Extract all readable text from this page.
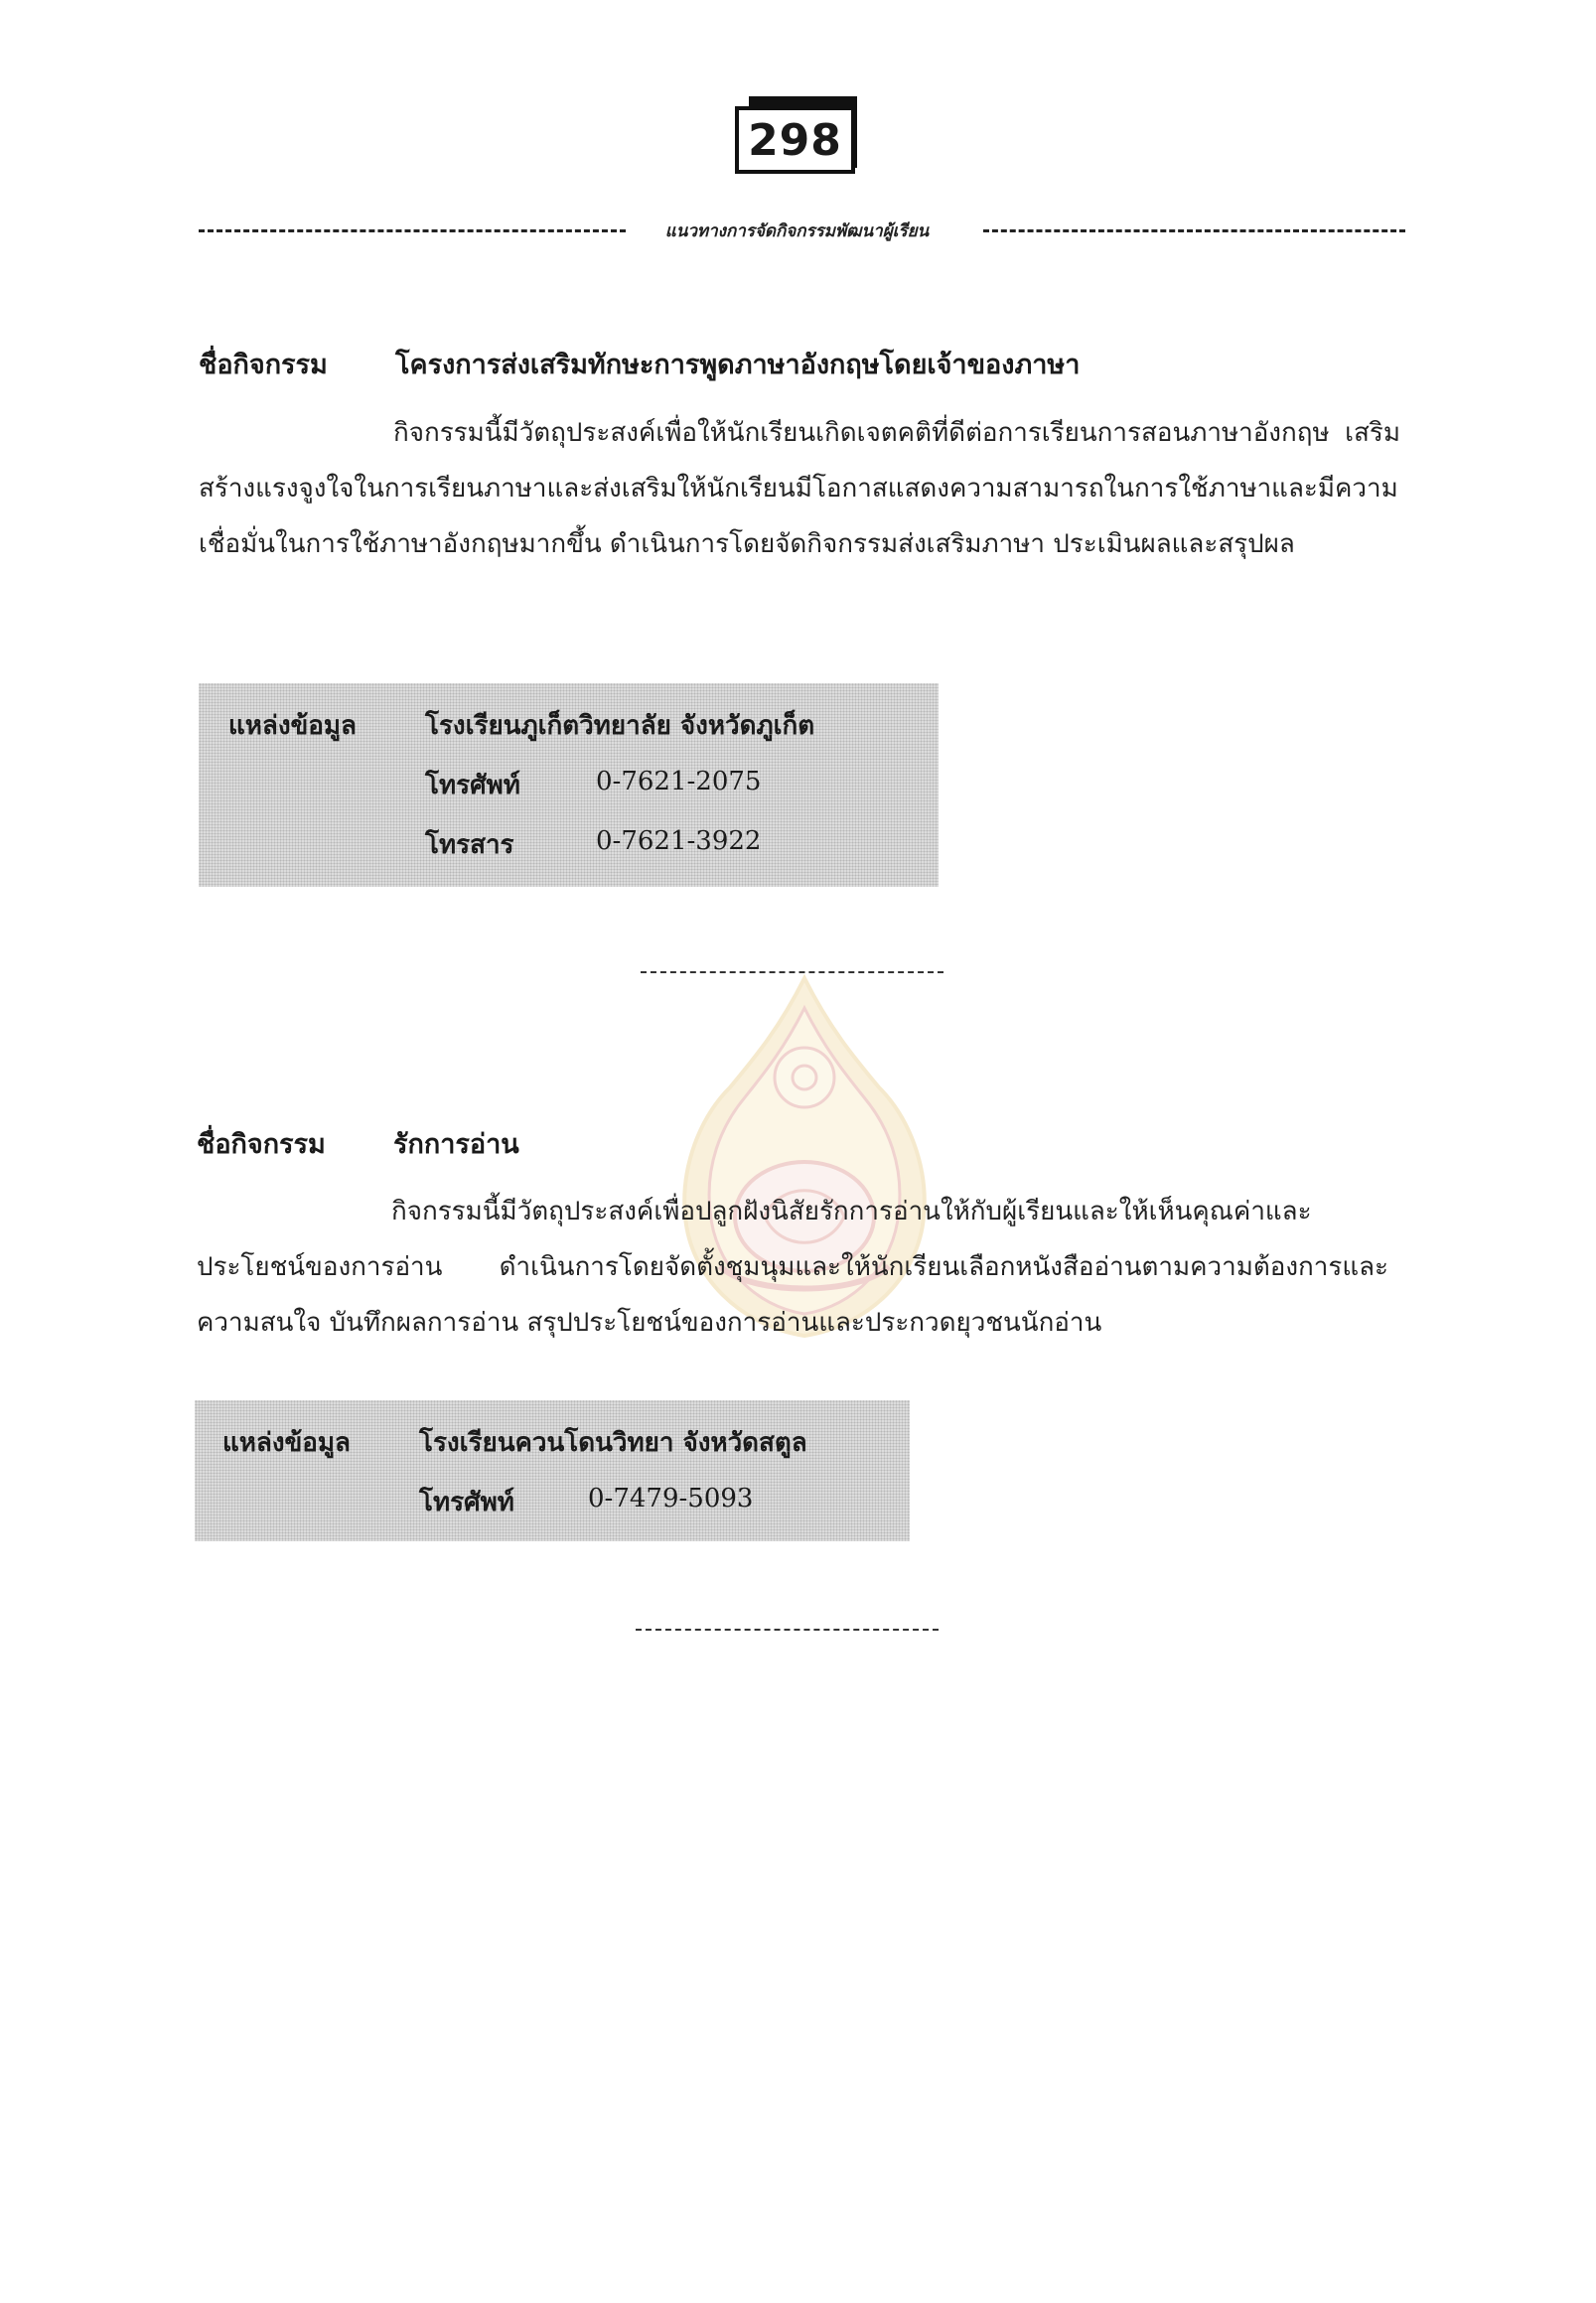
298
แนวทางการจัดกิจกรรมพัฒนาผู้เรียน
ชื่อกิจกรรม	โครงการส่งเสริมทักษะการพูดภาษาอังกฤษโดยเจ้าของภาษา
กิจกรรมนี้มีวัตถุประสงค์เพื่อให้นักเรียนเกิดเจตคติที่ดีต่อการเรียนการสอนภาษาอังกฤษ เสริมสร้างแรงจูงใจในการเรียนภาษาและส่งเสริมให้นักเรียนมีโอกาสแสดงความสามารถในการใช้ภาษาและมีความเชื่อมั่นในการใช้ภาษาอังกฤษมากขึ้น ดำเนินการโดยจัดกิจกรรมส่งเสริมภาษา ประเมินผลและสรุปผล
แหล่งข้อมูล	โรงเรียนภูเก็ตวิทยาลัย จังหวัดภูเก็ต
โทรศัพท์	0-7621-2075
โทรสาร	0-7621-3922
ชื่อกิจกรรม	รักการอ่าน
กิจกรรมนี้มีวัตถุประสงค์เพื่อปลูกฝังนิสัยรักการอ่านให้กับผู้เรียนและให้เห็นคุณค่าและประโยชน์ของการอ่าน ดำเนินการโดยจัดตั้งชุมนุมและให้นักเรียนเลือกหนังสืออ่านตามความต้องการและความสนใจ บันทึกผลการอ่าน สรุปประโยชน์ของการอ่านและประกวดยุวชนนักอ่าน
แหล่งข้อมูล	โรงเรียนควนโดนวิทยา จังหวัดสตูล
โทรศัพท์	0-7479-5093
